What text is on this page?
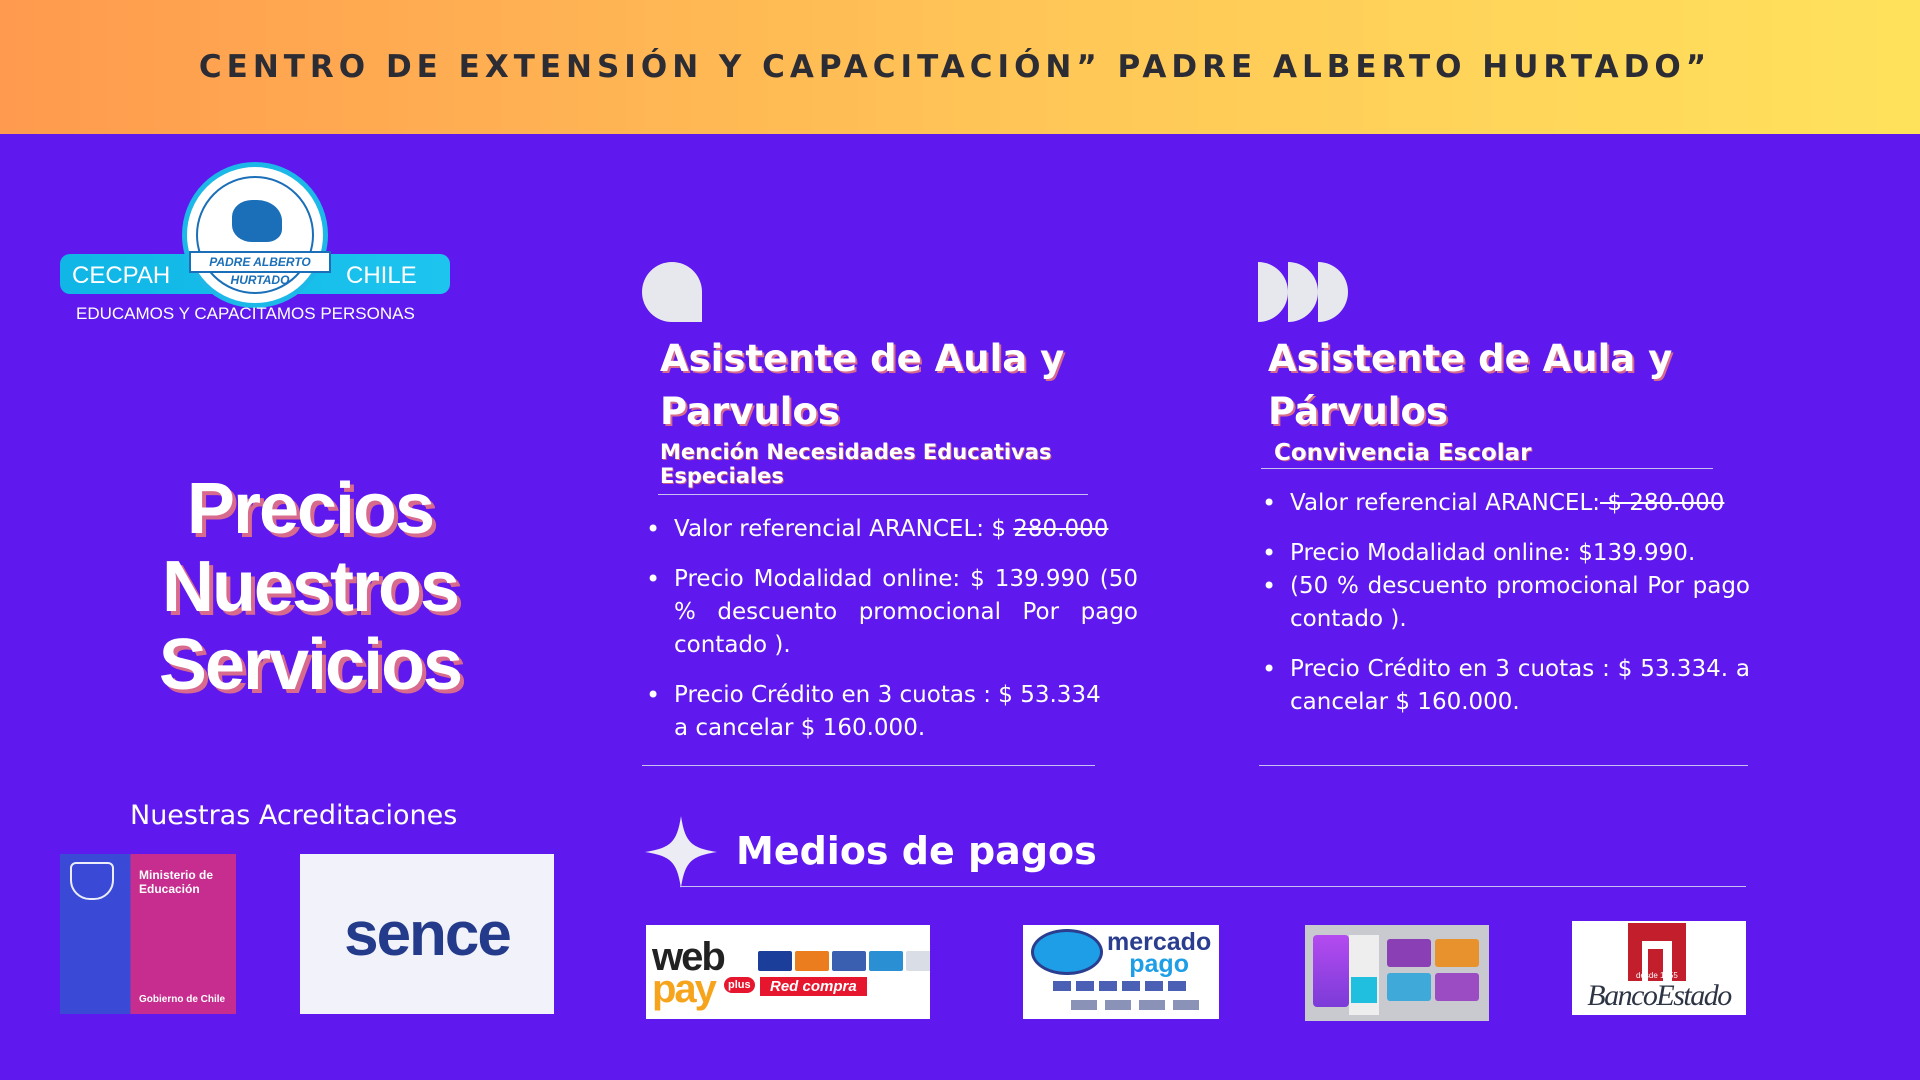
CENTRO DE EXTENSIÓN Y CAPACITACIÓN” PADRE ALBERTO HURTADO”
CECPAH	CHILE
PADRE ALBERTO HURTADO
EDUCAMOS Y CAPACITAMOS PERSONAS
Precios
Nuestros
Servicios
Nuestras Acreditaciones
Ministerio de
Educación
Gobierno de Chile
sence
Asistente de Aula y
Parvulos
Mención Necesidades Educativas Especiales
• Valor referencial ARANCEL: $ 280.000
• Precio Modalidad online: $ 139.990 (50 % descuento promocional Por pago contado ).
• Precio Crédito en 3 cuotas : $ 53.334 a cancelar $ 160.000.
Asistente de Aula y
Párvulos
Convivencia Escolar
• Valor referencial ARANCEL: $ 280.000
• Precio Modalidad online: $139.990.
• (50 % descuento promocional Por pago contado ).
• Precio Crédito en 3 cuotas : $ 53.334. a cancelar $ 160.000.
Medios de pagos
web
pay	plus	Red compra
mercado
pago	desde 1855
BancoEstado
